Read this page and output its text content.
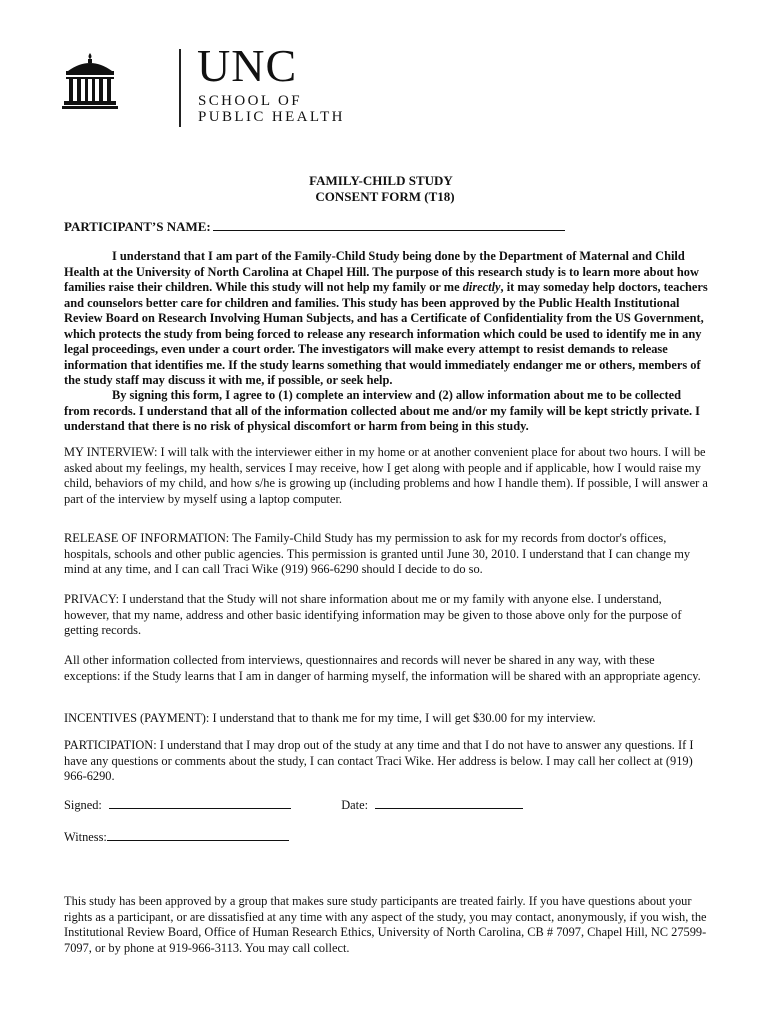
UNC
SCHOOL OF
PUBLIC HEALTH
FAMILY-CHILD STUDY
CONSENT FORM (T18)
PARTICIPANT’S NAME:

I understand that I am part of the Family-Child Study being done by the Department of Maternal and Child Health at the University of North Carolina at Chapel Hill. The purpose of this research study is to learn more about how families raise their children. While this study will not help my family or me directly, it may someday help doctors, teachers and counselors better care for children and families. This study has been approved by the Public Health Institutional Review Board on Research Involving Human Subjects, and has a Certificate of Confidentiality from the US Government, which protects the study from being forced to release any research information which could be used to identify me in any legal proceedings, even under a court order. The investigators will make every attempt to resist demands to release information that identifies me. If the study learns something that would immediately endanger me or others, members of the study staff may discuss it with me, if possible, or seek help.

By signing this form, I agree to (1) complete an interview and (2) allow information about me to be collected from records. I understand that all of the information collected about me and/or my family will be kept strictly private. I understand that there is no risk of physical discomfort or harm from being in this study.

MY INTERVIEW: I will talk with the interviewer either in my home or at another convenient place for about two hours. I will be asked about my feelings, my health, services I may receive, how I get along with people and if applicable, how I would raise my child, behaviors of my child, and how s/he is growing up (including problems and how I handle them). If possible, I will answer a part of the interview by myself using a laptop computer.

RELEASE OF INFORMATION: The Family-Child Study has my permission to ask for my records from doctor's offices, hospitals, schools and other public agencies. This permission is granted until June 30, 2010. I understand that I can change my mind at any time, and I can call Traci Wike (919) 966-6290 should I decide to do so.

PRIVACY: I understand that the Study will not share information about me or my family with anyone else. I understand, however, that my name, address and other basic identifying information may be given to those above only for the purpose of getting records.

All other information collected from interviews, questionnaires and records will never be shared in any way, with these exceptions: if the Study learns that I am in danger of harming myself, the information will be shared with an appropriate agency.

INCENTIVES (PAYMENT): I understand that to thank me for my time, I will get $30.00 for my interview.

PARTICIPATION: I understand that I may drop out of the study at any time and that I do not have to answer any questions. If I have any questions or comments about the study, I can contact Traci Wike. Her address is below. I may call her collect at (919) 966-6290.

Signed:	Date:
Witness:

This study has been approved by a group that makes sure study participants are treated fairly. If you have questions about your rights as a participant, or are dissatisfied at any time with any aspect of the study, you may contact, anonymously, if you wish, the Institutional Review Board, Office of Human Research Ethics, University of North Carolina, CB # 7097, Chapel Hill, NC 27599-7097, or by phone at 919-966-3113. You may call collect.
